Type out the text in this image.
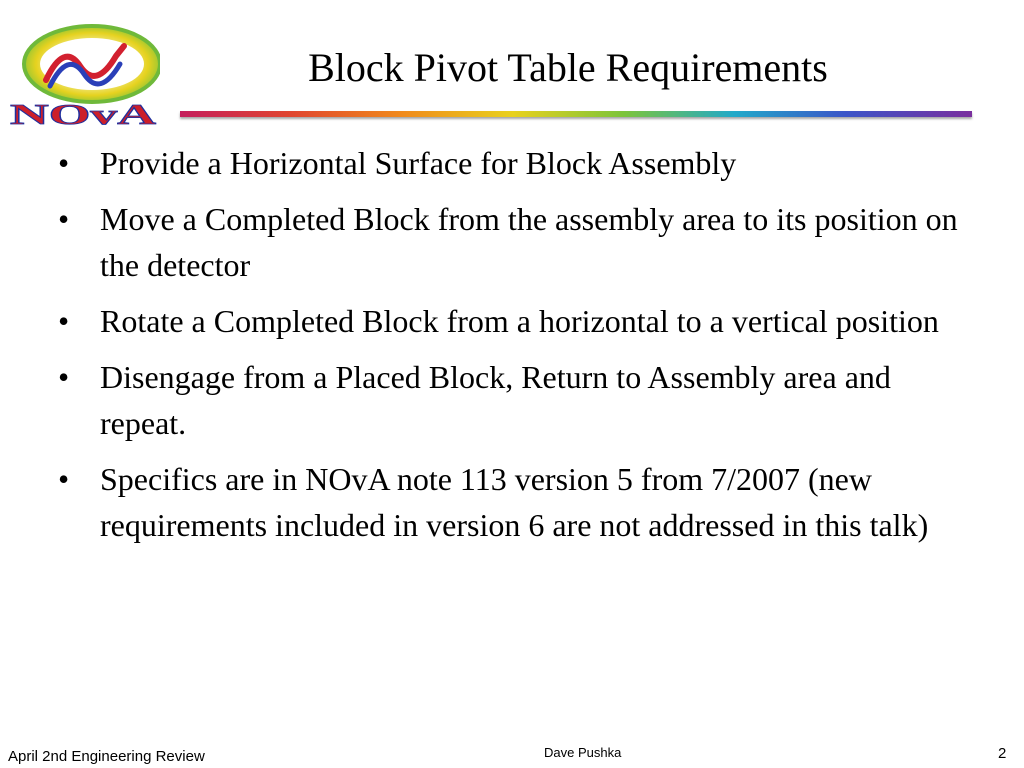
NOvA
Block Pivot Table Requirements
• Provide a Horizontal Surface for Block Assembly
• Move a Completed Block from the assembly area to its position on the detector
• Rotate a Completed Block from a horizontal to a vertical position
• Disengage from a Placed Block, Return to Assembly area and repeat.
• Specifics are in NOvA note 113 version 5 from 7/2007 (new requirements included in version 6 are not addressed in this talk)
April 2nd Engineering Review	Dave Pushka	2
